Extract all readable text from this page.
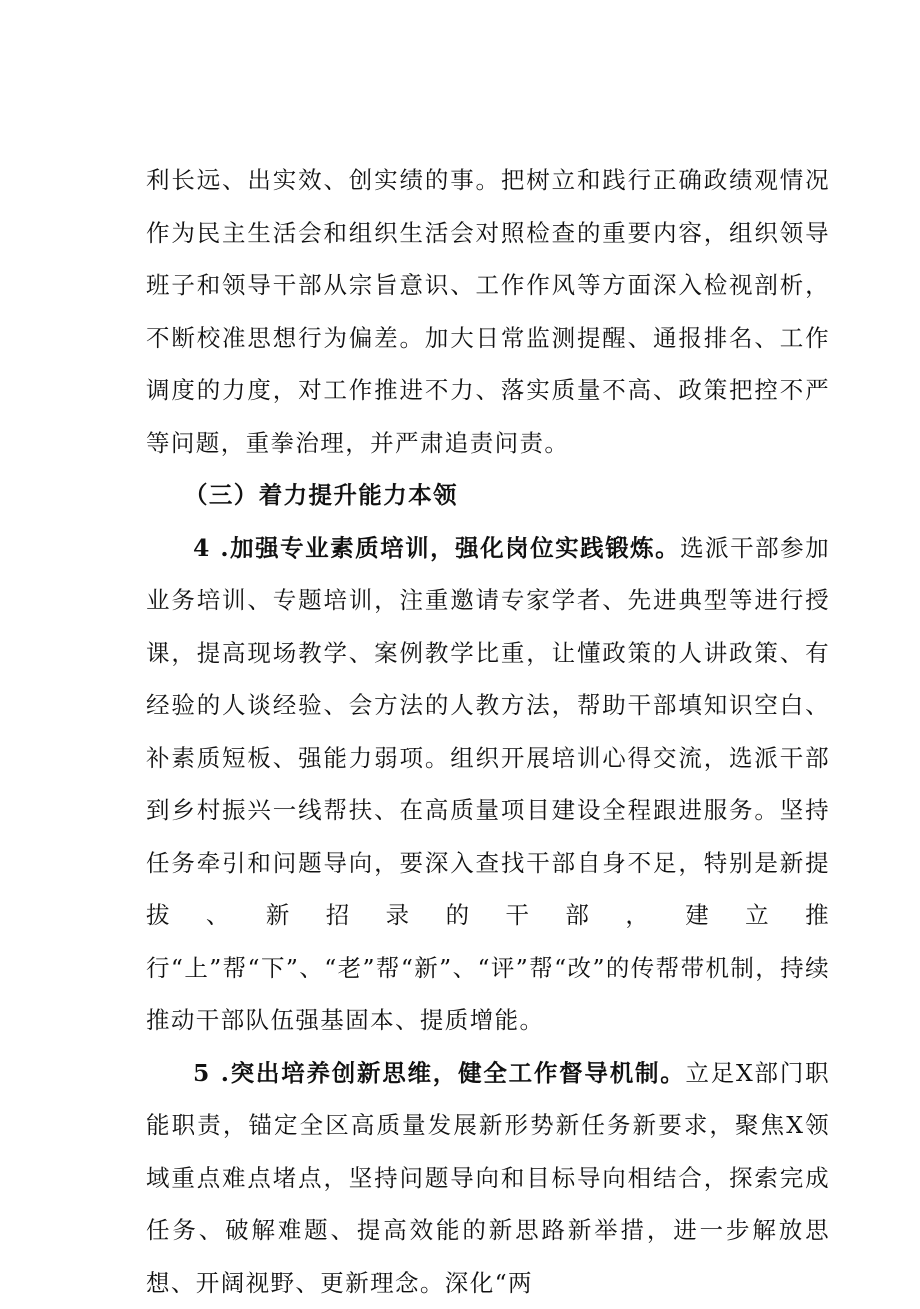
利长远、出实效、创实绩的事。把树立和践行正确政绩观情况作为民主生活会和组织生活会对照检查的重要内容，组织领导班子和领导干部从宗旨意识、工作作风等方面深入检视剖析，不断校准思想行为偏差。加大日常监测提醒、通报排名、工作调度的力度，对工作推进不力、落实质量不高、政策把控不严等问题，重拳治理，并严肃追责问责。

（三）着力提升能力本领

4 .加强专业素质培训，强化岗位实践锻炼。选派干部参加业务培训、专题培训，注重邀请专家学者、先进典型等进行授课，提高现场教学、案例教学比重，让懂政策的人讲政策、有经验的人谈经验、会方法的人教方法，帮助干部填知识空白、补素质短板、强能力弱项。组织开展培训心得交流，选派干部到乡村振兴一线帮扶、在高质量项目建设全程跟进服务。坚持任务牵引和问题导向，要深入查找干部自身不足，特别是新提拔、新招录的干部，建立推行“上”帮“下”、“老”帮“新”、“评”帮“改”的传帮带机制，持续推动干部队伍强基固本、提质增能。

5 .突出培养创新思维，健全工作督导机制。立足X部门职能职责，锚定全区高质量发展新形势新任务新要求，聚焦X领域重点难点堵点，坚持问题导向和目标导向相结合，探索完成任务、破解难题、提高效能的新思路新举措，进一步解放思想、开阔视野、更新理念。深化“两
